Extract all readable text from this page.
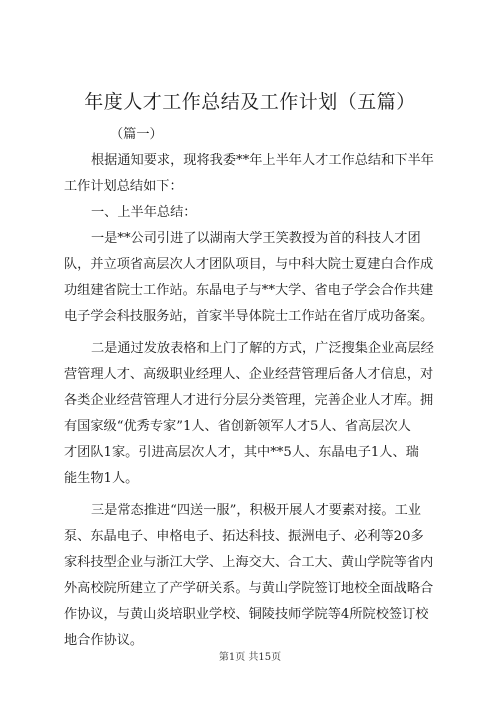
年度人才工作总结及工作计划（五篇）
（篇一）
根据通知要求，现将我委**年上半年人才工作总结和下半年
工作计划总结如下：
一、上半年总结：
一是**公司引进了以湖南大学王笑教授为首的科技人才团
队，并立项省高层次人才团队项目，与中科大院士夏建白合作成
功组建省院士工作站。东晶电子与**大学、省电子学会合作共建
电子学会科技服务站，首家半导体院士工作站在省厅成功备案。
二是通过发放表格和上门了解的方式，广泛搜集企业高层经
营管理人才、高级职业经理人、企业经营管理后备人才信息，对
各类企业经营管理人才进行分层分类管理，完善企业人才库。拥
有国家级“优秀专家”1人、省创新领军人才5人、省高层次人
才团队1家。引进高层次人才，其中**5人、东晶电子1人、瑞
能生物1人。
三是常态推进“四送一服”，积极开展人才要素对接。工业
泵、东晶电子、申格电子、拓达科技、振洲电子、必利等20多
家科技型企业与浙江大学、上海交大、合工大、黄山学院等省内
外高校院所建立了产学研关系。与黄山学院签订地校全面战略合
作协议，与黄山炎培职业学校、铜陵技师学院等4所院校签订校
地合作协议。
第1页 共15页
